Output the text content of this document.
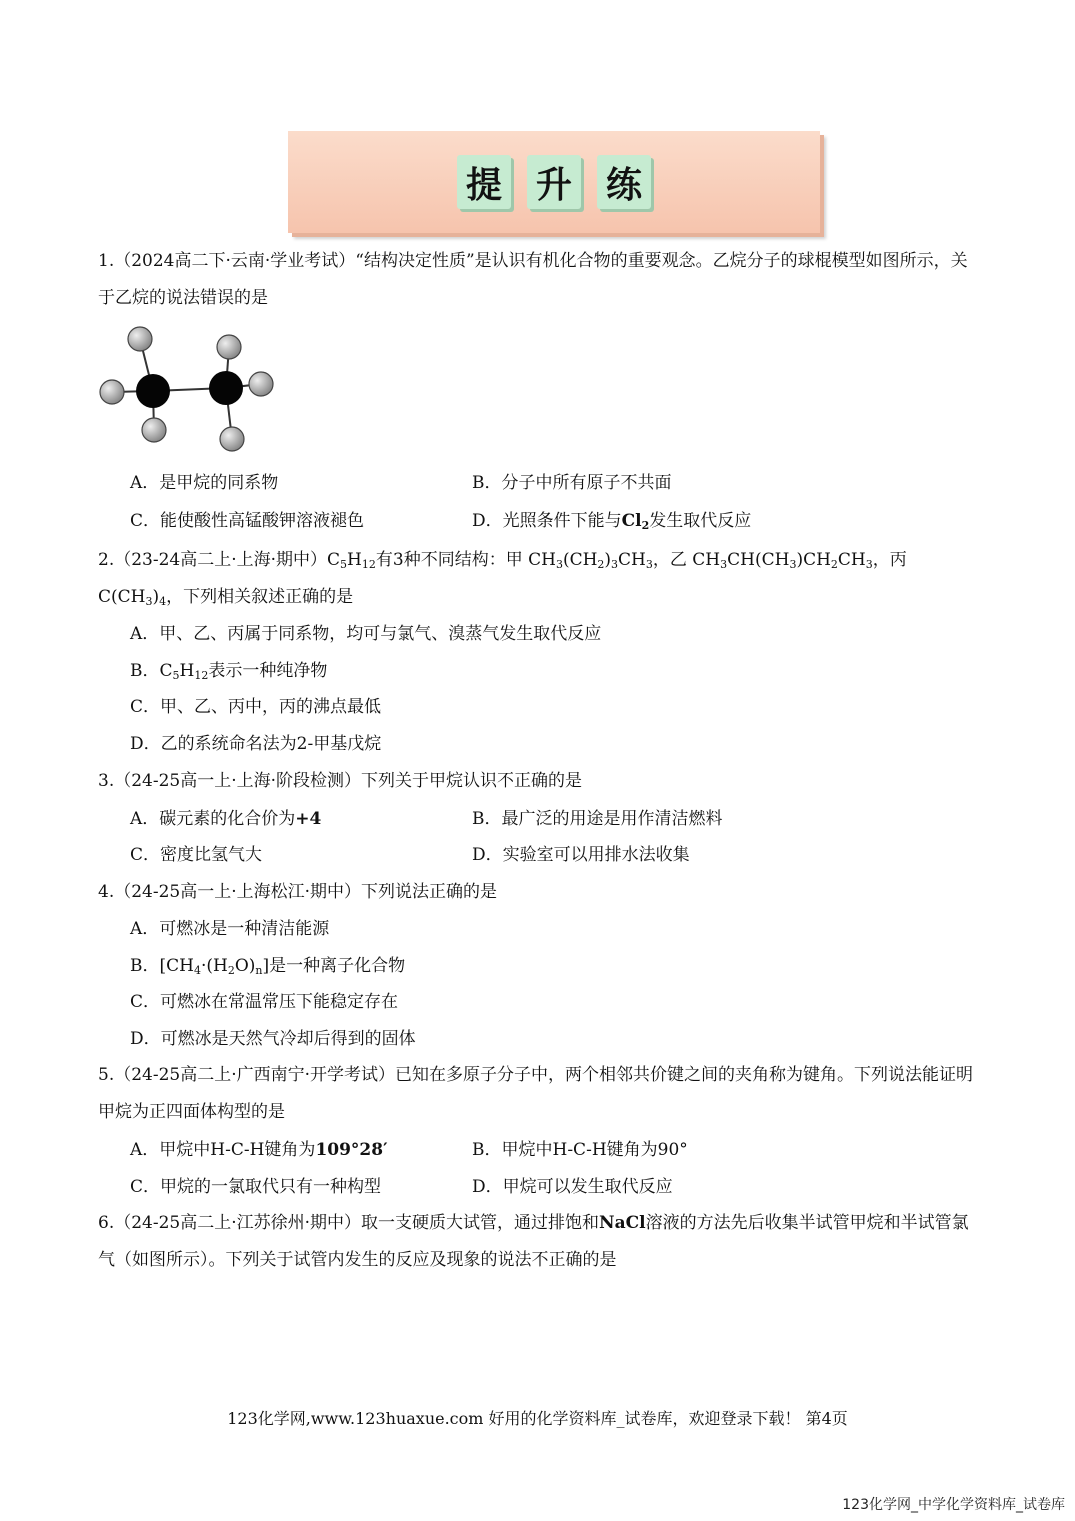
提 升 练

1.（2024高二下·云南·学业考试）“结构决定性质”是认识有机化合物的重要观念。乙烷分子的球棍模型如图所示，关于乙烷的说法错误的是

A．是甲烷的同系物	B．分子中所有原子不共面
C．能使酸性高锰酸钾溶液褪色	D．光照条件下能与$Cl_2$发生取代反应

2.（23-24高二上·上海·期中）$C_5H_{12}$有3种不同结构：甲 $CH_3(CH_2)_3CH_3$，乙 $CH_3CH(CH_3)CH_2CH_3$，丙 $C(CH_3)_4$，下列相关叙述正确的是

A．甲、乙、丙属于同系物，均可与氯气、溴蒸气发生取代反应
B．$C_5H_{12}$表示一种纯净物
C．甲、乙、丙中，丙的沸点最低
D．乙的系统命名法为2-甲基戊烷
3.（24-25高一上·上海·阶段检测）下列关于甲烷认识不正确的是
A．碳元素的化合价为+4	B．最广泛的用途是用作清洁燃料
C．密度比氢气大	D．实验室可以用排水法收集
4.（24-25高一上·上海松江·期中）下列说法正确的是
A．可燃冰是一种清洁能源
B．$[CH_4\cdot(H_2O)_n]$是一种离子化合物
C．可燃冰在常温常压下能稳定存在
D．可燃冰是天然气冷却后得到的固体

5.（24-25高二上·广西南宁·开学考试）已知在多原子分子中，两个相邻共价键之间的夹角称为键角。下列说法能证明甲烷为正四面体构型的是

A．甲烷中H-C-H键角为109°28′	B．甲烷中H-C-H键角为90°
C．甲烷的一氯取代只有一种构型	D．甲烷可以发生取代反应

6.（24-25高二上·江苏徐州·期中）取一支硬质大试管，通过排饱和NaCl溶液的方法先后收集半试管甲烷和半试管氯气（如图所示）。下列关于试管内发生的反应及现象的说法不正确的是

123化学网,www.123huaxue.com 好用的化学资料库_试卷库，欢迎登录下载！ 第4页
123化学网_中学化学资料库_试卷库
